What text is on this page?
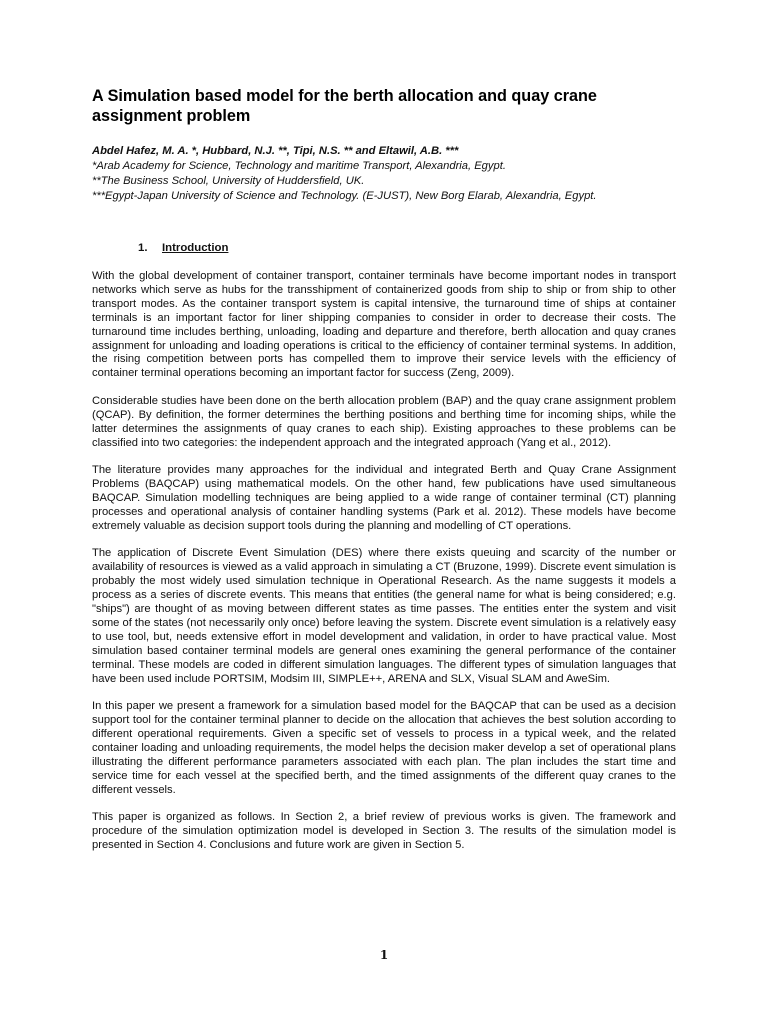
A Simulation based model for the berth allocation and quay crane assignment problem
Abdel Hafez, M. A. *, Hubbard, N.J. **, Tipi, N.S. ** and Eltawil, A.B. ***
*Arab Academy for Science, Technology and maritime Transport, Alexandria, Egypt.
**The Business School, University of Huddersfield, UK.
***Egypt-Japan University of Science and Technology. (E-JUST), New Borg Elarab, Alexandria, Egypt.
1. Introduction

With the global development of container transport, container terminals have become important nodes in transport networks which serve as hubs for the transshipment of containerized goods from ship to ship or from ship to other transport modes. As the container transport system is capital intensive, the turnaround time of ships at container terminals is an important factor for liner shipping companies to consider in order to decrease their costs. The turnaround time includes berthing, unloading, loading and departure and therefore, berth allocation and quay cranes assignment for unloading and loading operations is critical to the efficiency of container terminal systems. In addition, the rising competition between ports has compelled them to improve their service levels with the efficiency of container terminal operations becoming an important factor for success (Zeng, 2009).

Considerable studies have been done on the berth allocation problem (BAP) and the quay crane assignment problem (QCAP). By definition, the former determines the berthing positions and berthing time for incoming ships, while the latter determines the assignments of quay cranes to each ship). Existing approaches to these problems can be classified into two categories: the independent approach and the integrated approach (Yang et al., 2012).

The literature provides many approaches for the individual and integrated Berth and Quay Crane Assignment Problems (BAQCAP) using mathematical models. On the other hand, few publications have used simultaneous BAQCAP. Simulation modelling techniques are being applied to a wide range of container terminal (CT) planning processes and operational analysis of container handling systems (Park et al. 2012). These models have become extremely valuable as decision support tools during the planning and modelling of CT operations.

The application of Discrete Event Simulation (DES) where there exists queuing and scarcity of the number or availability of resources is viewed as a valid approach in simulating a CT (Bruzone, 1999). Discrete event simulation is probably the most widely used simulation technique in Operational Research. As the name suggests it models a process as a series of discrete events. This means that entities (the general name for what is being considered; e.g. "ships") are thought of as moving between different states as time passes. The entities enter the system and visit some of the states (not necessarily only once) before leaving the system. Discrete event simulation is a relatively easy to use tool, but, needs extensive effort in model development and validation, in order to have practical value. Most simulation based container terminal models are general ones examining the general performance of the container terminal. These models are coded in different simulation languages. The different types of simulation languages that have been used include PORTSIM, Modsim III, SIMPLE++, ARENA and SLX, Visual SLAM and AweSim.

In this paper we present a framework for a simulation based model for the BAQCAP that can be used as a decision support tool for the container terminal planner to decide on the allocation that achieves the best solution according to different operational requirements. Given a specific set of vessels to process in a typical week, and the related container loading and unloading requirements, the model helps the decision maker develop a set of operational plans illustrating the different performance parameters associated with each plan. The plan includes the start time and service time for each vessel at the specified berth, and the timed assignments of the different quay cranes to the different vessels.

This paper is organized as follows. In Section 2, a brief review of previous works is given. The framework and procedure of the simulation optimization model is developed in Section 3. The results of the simulation model is presented in Section 4. Conclusions and future work are given in Section 5.

1
